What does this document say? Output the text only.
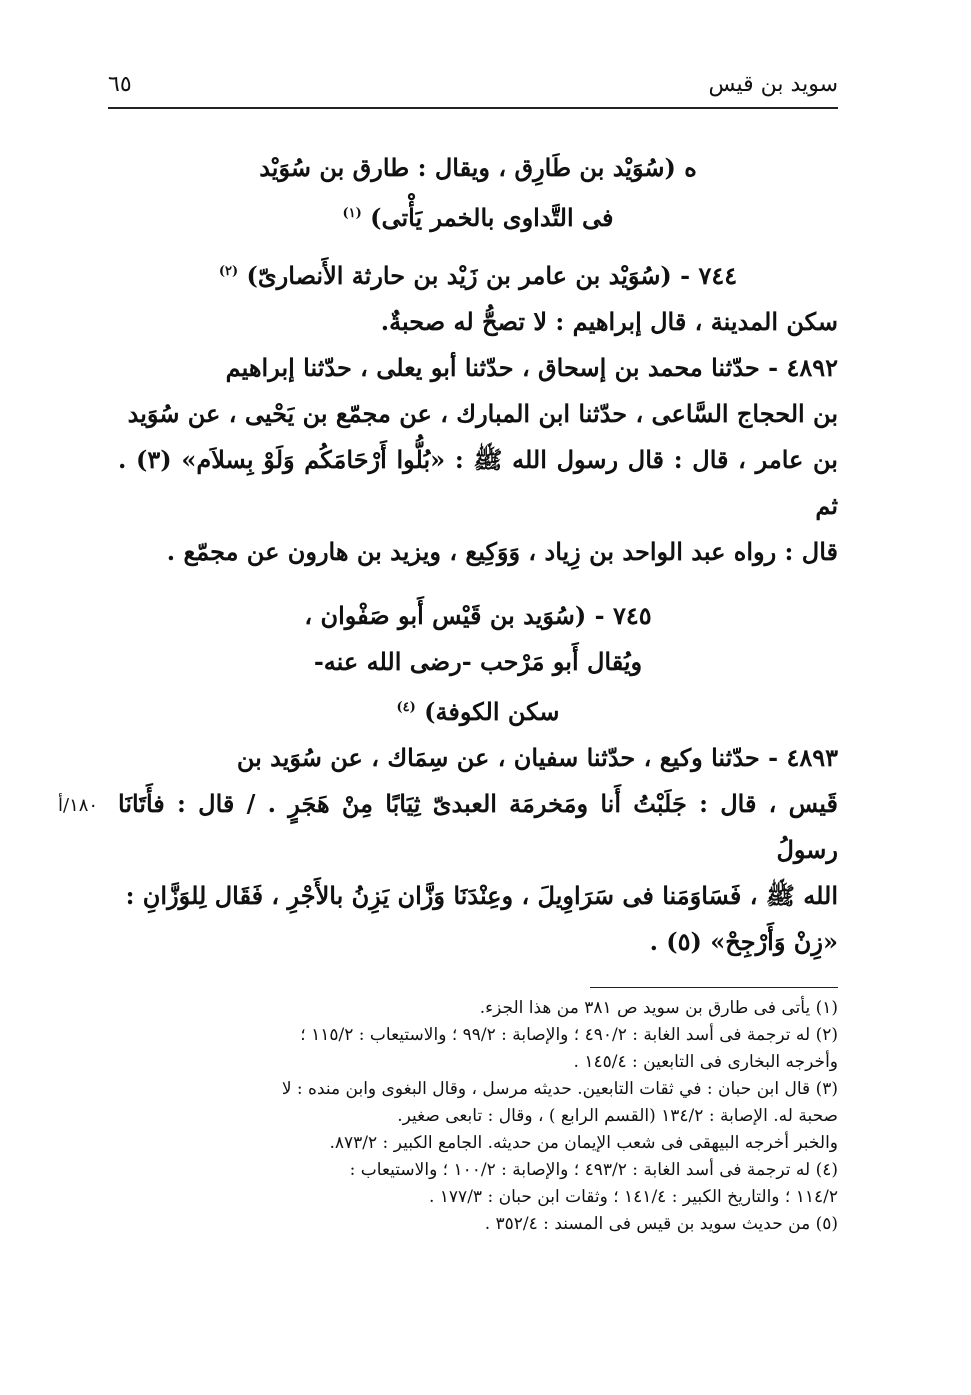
سويد بن قيس
٦٥

ه (سُوَيْد بن طَارِق ، ويقال : طارق بن سُوَيْد

فى التَّداوى بالخمر يَأْتى) $^{(١)}$

٧٤٤ - (سُوَيْد بن عامر بن زَيْد بن حارثة الأَنصارىّ) $^{(٢)}$

سكن المدينة ، قال إبراهيم : لا تصحُّ له صحبةٌ.

٤٨٩٢ - حدّثنا محمد بن إسحاق ، حدّثنا أبو يعلى ، حدّثنا إبراهيم

بن الحجاج السَّاعى ، حدّثنا ابن المبارك ، عن مجمّع بن يَحْيى ، عن سُوَيد

بن عامر ، قال : قال رسول الله ﷺ : «بُلُّوا أَرْحَامَكُم وَلَوْ بِسلاَم» (٣) . ثم

قال : رواه عبد الواحد بن زِياد ، وَوَكِيع ، ويزيد بن هارون عن مجمّع .

٧٤٥ - (سُوَيد بن قَيْس أَبو صَفْوان ،

ويُقال أَبو مَرْحب -رضى الله عنه-

سكن الكوفة) $^{(٤)}$

٤٨٩٣ - حدّثنا وكيع ، حدّثنا سفيان ، عن سِمَاك ، عن سُوَيد بن

قَيس ، قال : جَلَبْتُ أَنا ومَخرمَة العبدىّ ثِيَابًا مِنْ هَجَرٍ . / قال : فأَتَانَا رسولُ

الله ﷺ ، فَسَاوَمَنا فى سَرَاوِيلَ ، وعِنْدَنَا وَزَّان يَزِنُ بالأَجْرِ ، فَقَال لِلوَزَّانِ :

«زِنْ وَأَرْجِحْ» (٥) .

١٨٠/أ

(١) يأتى فى طارق بن سويد ص ٣٨١ من هذا الجزء.

(٢) له ترجمة فى أسد الغابة : ٤٩٠/٢ ؛ والإصابة : ٩٩/٢ ؛ والاستيعاب : ١١٥/٢ ؛

وأخرجه البخارى فى التابعين : ١٤٥/٤ .

(٣) قال ابن حبان : في ثقات التابعين. حديثه مرسل ، وقال البغوى وابن منده : لا

صحبة له. الإصابة : ١٣٤/٢ (القسم الرابع ) ، وقال : تابعى صغير.

والخبر أخرجه البيهقى فى شعب الإيمان من حديثه. الجامع الكبير : ٨٧٣/٢.

(٤) له ترجمة فى أسد الغابة : ٤٩٣/٢ ؛ والإصابة : ١٠٠/٢ ؛ والاستيعاب :

١١٤/٢ ؛ والتاريخ الكبير : ١٤١/٤ ؛ وثقات ابن حبان : ١٧٧/٣ .

(٥) من حديث سويد بن قيس فى المسند : ٣٥٢/٤ .
